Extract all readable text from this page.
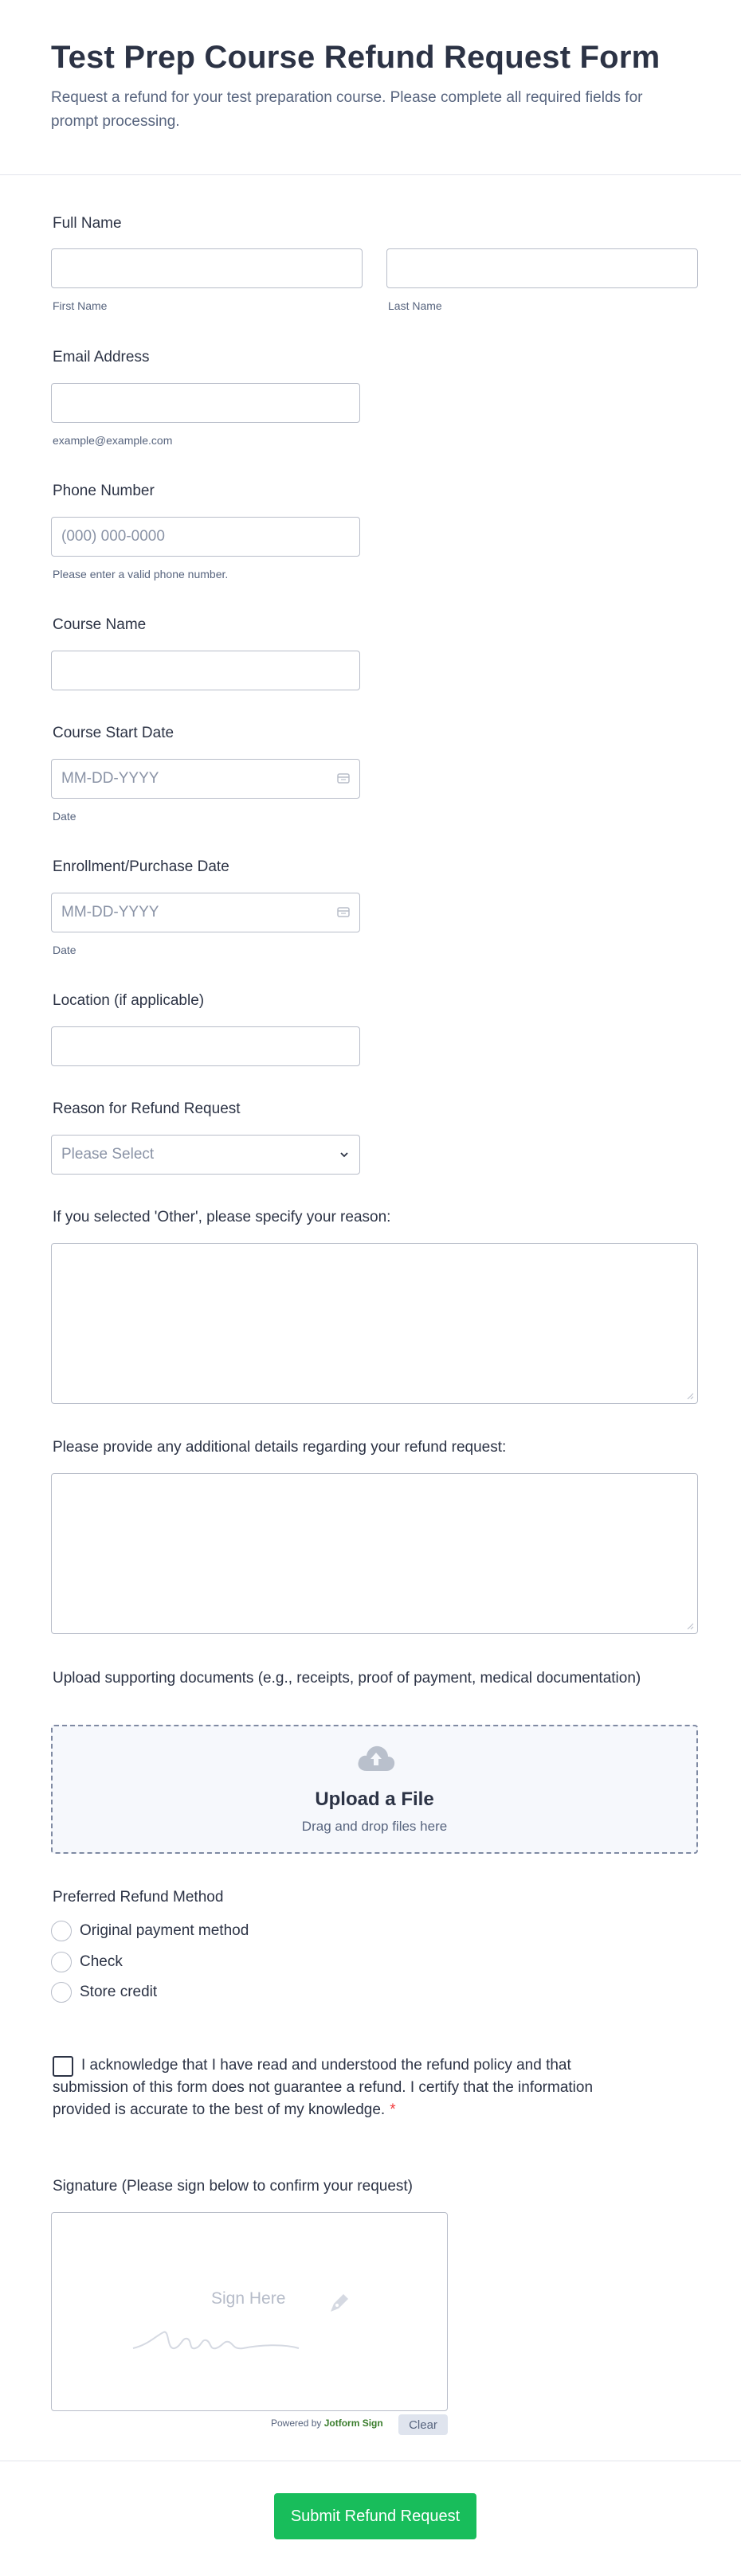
Test Prep Course Refund Request Form
Request a refund for your test preparation course. Please complete all required fields for prompt processing.
Full Name
First Name	Last Name
Email Address
example@example.com
Phone Number
(000) 000-0000
Please enter a valid phone number.
Course Name
Course Start Date
MM-DD-YYYY
Date
Enrollment/Purchase Date
MM-DD-YYYY
Date
Location (if applicable)
Reason for Refund Request
Please Select
If you selected 'Other', please specify your reason:
Please provide any additional details regarding your refund request:
Upload supporting documents (e.g., receipts, proof of payment, medical documentation)
Upload a File
Drag and drop files here
Preferred Refund Method
Original payment method
Check
Store credit
I acknowledge that I have read and understood the refund policy and that submission of this form does not guarantee a refund. I certify that the information provided is accurate to the best of my knowledge. *
Signature (Please sign below to confirm your request)
Sign Here
Powered by Jotform Sign	Clear
Submit Refund Request
